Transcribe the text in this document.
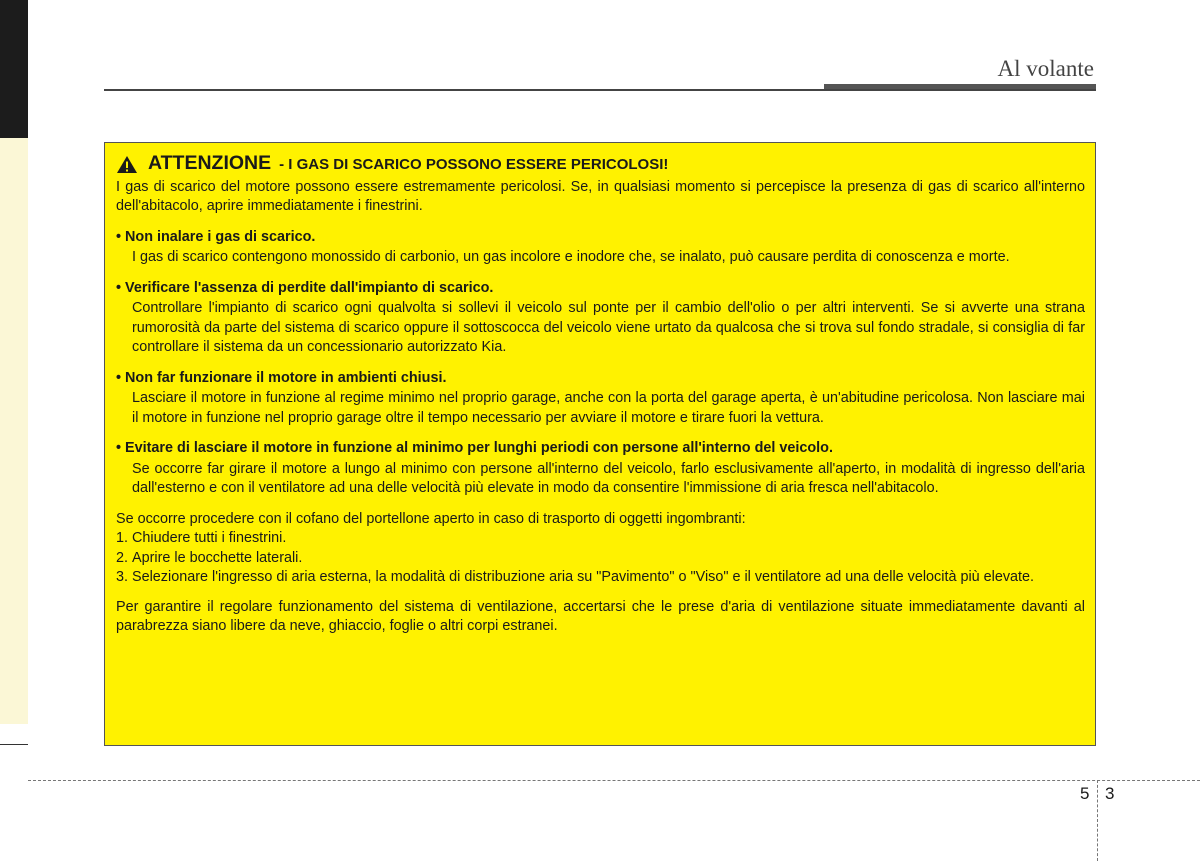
Al volante
ATTENZIONE - I GAS DI SCARICO POSSONO ESSERE PERICOLOSI!

I gas di scarico del motore possono essere estremamente pericolosi. Se, in qualsiasi momento si percepisce la presenza di gas di scarico all'interno dell'abitacolo, aprire immediatamente i finestrini.

• Non inalare i gas di scarico.

I gas di scarico contengono monossido di carbonio, un gas incolore e inodore che, se inalato, può causare perdita di conoscenza e morte.

• Verificare l'assenza di perdite dall'impianto di scarico.

Controllare l'impianto di scarico ogni qualvolta si sollevi il veicolo sul ponte per il cambio dell'olio o per altri interventi. Se si avverte una strana rumorosità da parte del sistema di scarico oppure il sottoscocca del veicolo viene urtato da qualcosa che si trova sul fondo stradale, si consiglia di far controllare il sistema da un concessionario autorizzato Kia.

• Non far funzionare il motore in ambienti chiusi.

Lasciare il motore in funzione al regime minimo nel proprio garage, anche con la porta del garage aperta, è un'abitudine pericolosa. Non lasciare mai il motore in funzione nel proprio garage oltre il tempo necessario per avviare il motore e tirare fuori la vettura.

• Evitare di lasciare il motore in funzione al minimo per lunghi periodi con persone all'interno del veicolo.

Se occorre far girare il motore a lungo al minimo con persone all'interno del veicolo, farlo esclusivamente all'aperto, in modalità di ingresso dell'aria dall'esterno e con il ventilatore ad una delle velocità più elevate in modo da consentire l'immissione di aria fresca nell'abitacolo.

Se occorre procedere con il cofano del portellone aperto in caso di trasporto di oggetti ingombranti:

1. Chiudere tutti i finestrini.
2. Aprire le bocchette laterali.
3. Selezionare l'ingresso di aria esterna, la modalità di distribuzione aria su "Pavimento" o "Viso" e il ventilatore ad una delle velocità più elevate.

Per garantire il regolare funzionamento del sistema di ventilazione, accertarsi che le prese d'aria di ventilazione situate immediatamente davanti al parabrezza siano libere da neve, ghiaccio, foglie o altri corpi estranei.

5 3
